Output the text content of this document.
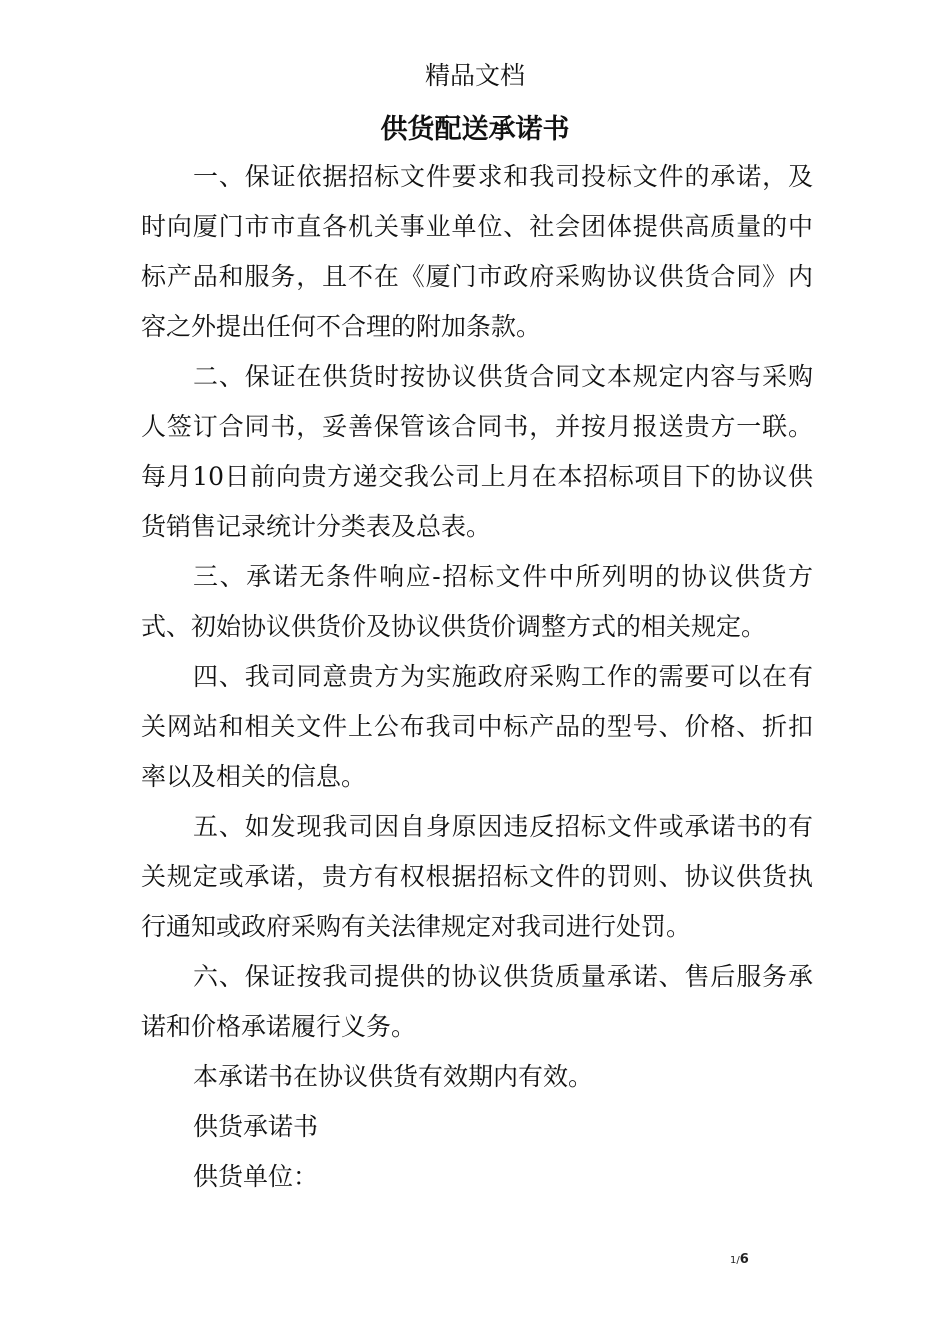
精品文档
供货配送承诺书

一、保证依据招标文件要求和我司投标文件的承诺，及时向厦门市市直各机关事业单位、社会团体提供高质量的中标产品和服务，且不在《厦门市政府采购协议供货合同》内容之外提出任何不合理的附加条款。

二、保证在供货时按协议供货合同文本规定内容与采购人签订合同书，妥善保管该合同书，并按月报送贵方一联。每月10日前向贵方递交我公司上月在本招标项目下的协议供货销售记录统计分类表及总表。

三、承诺无条件响应-招标文件中所列明的协议供货方式、初始协议供货价及协议供货价调整方式的相关规定。

四、我司同意贵方为实施政府采购工作的需要可以在有关网站和相关文件上公布我司中标产品的型号、价格、折扣率以及相关的信息。

五、如发现我司因自身原因违反招标文件或承诺书的有关规定或承诺，贵方有权根据招标文件的罚则、协议供货执行通知或政府采购有关法律规定对我司进行处罚。

六、保证按我司提供的协议供货质量承诺、售后服务承诺和价格承诺履行义务。

本承诺书在协议供货有效期内有效。

供货承诺书

供货单位：

1/6
